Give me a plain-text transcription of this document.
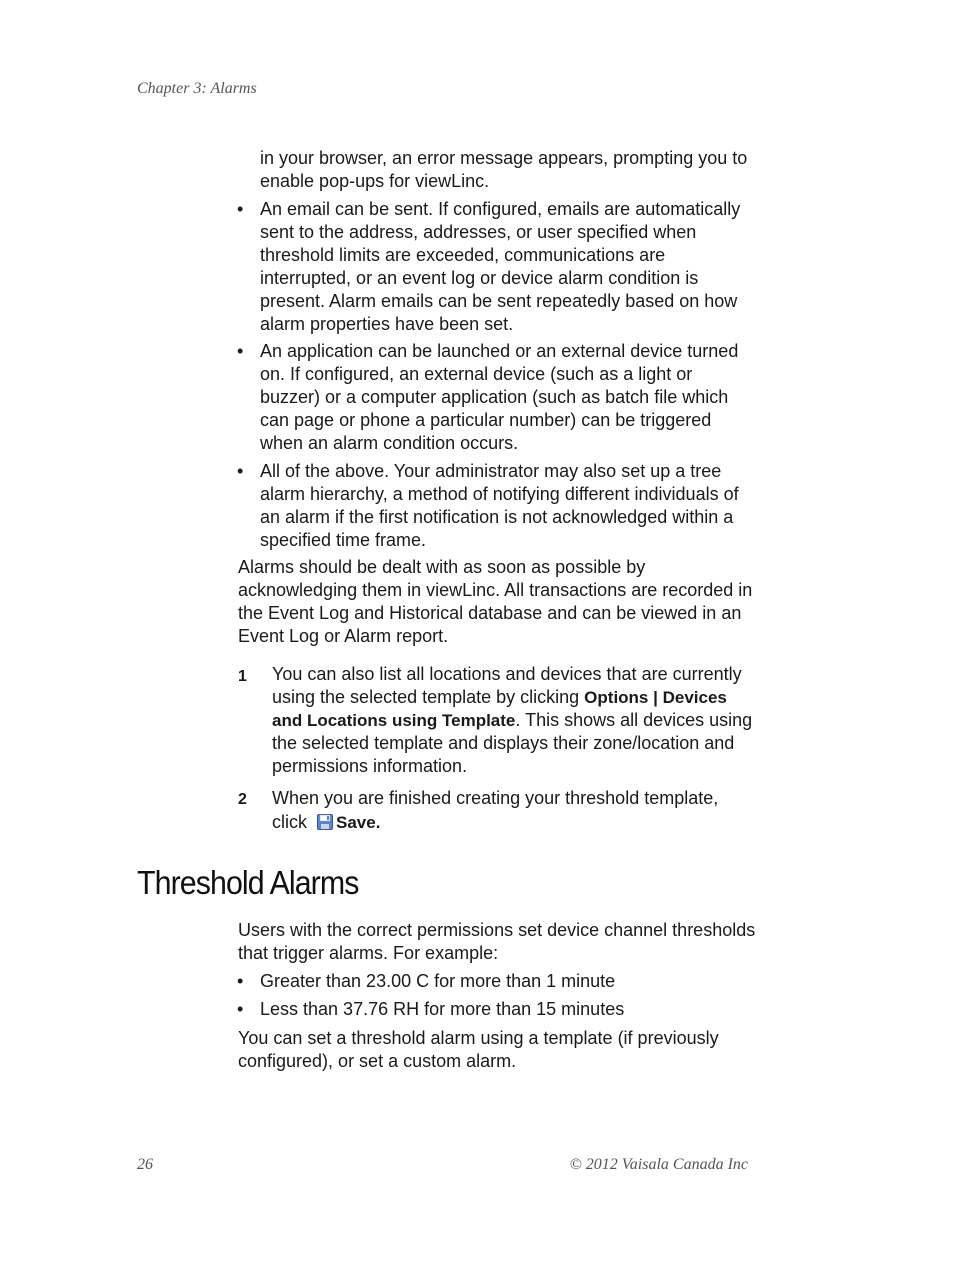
Chapter 3: Alarms

in your browser, an error message appears, prompting you to enable pop-ups for viewLinc.

• An email can be sent. If configured, emails are automatically sent to the address, addresses, or user specified when threshold limits are exceeded, communications are interrupted, or an event log or device alarm condition is present. Alarm emails can be sent repeatedly based on how alarm properties have been set.
• An application can be launched or an external device turned on. If configured, an external device (such as a light or buzzer) or a computer application (such as batch file which can page or phone a particular number) can be triggered when an alarm condition occurs.
• All of the above. Your administrator may also set up a tree alarm hierarchy, a method of notifying different individuals of an alarm if the first notification is not acknowledged within a specified time frame.

Alarms should be dealt with as soon as possible by acknowledging them in viewLinc. All transactions are recorded in the Event Log and Historical database and can be viewed in an Event Log or Alarm report.

1 You can also list all locations and devices that are currently using the selected template by clicking Options | Devices and Locations using Template. This shows all devices using the selected template and displays their zone/location and permissions information.
2 When you are finished creating your threshold template, click Save.
Threshold Alarms

Users with the correct permissions set device channel thresholds that trigger alarms. For example:

• Greater than 23.00 C for more than 1 minute
• Less than 37.76 RH for more than 15 minutes

You can set a threshold alarm using a template (if previously configured), or set a custom alarm.

26	© 2012 Vaisala Canada Inc
